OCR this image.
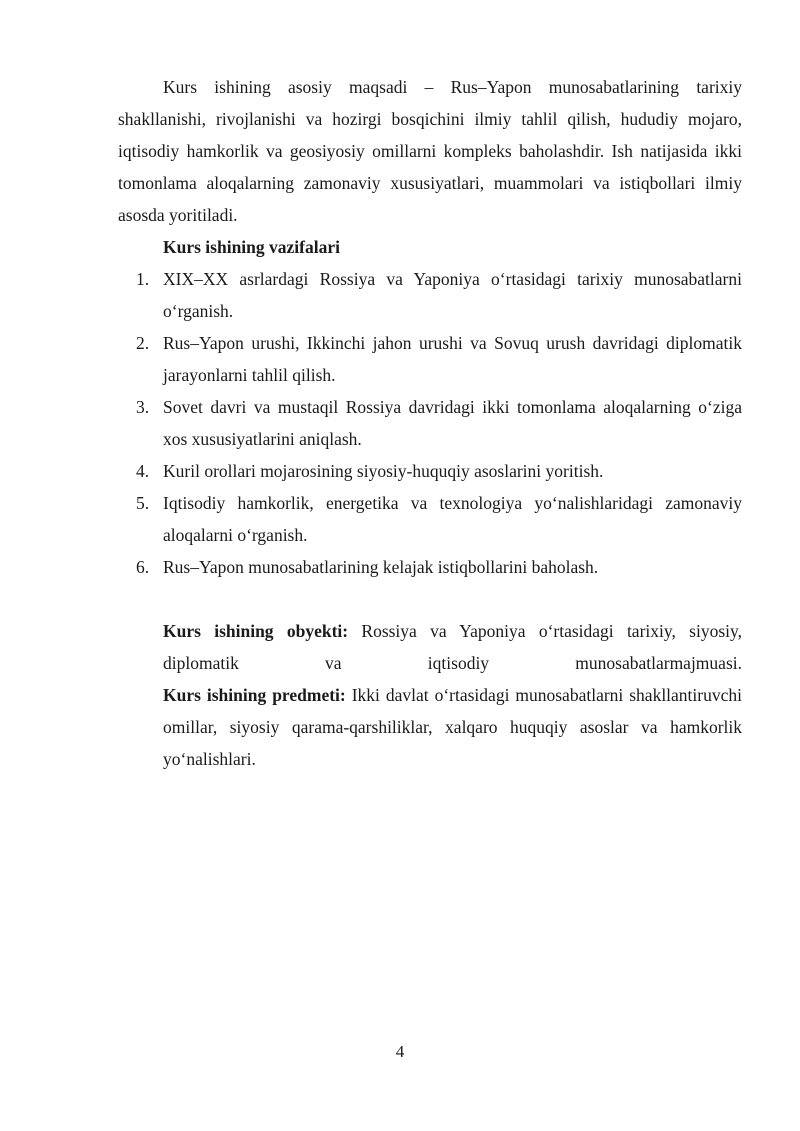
Kurs ishining asosiy maqsadi – Rus–Yapon munosabatlarining tarixiy shakllanishi, rivojlanishi va hozirgi bosqichini ilmiy tahlil qilish, hududiy mojaro, iqtisodiy hamkorlik va geosiyosiy omillarni kompleks baholashdir. Ish natijasida ikki tomonlama aloqalarning zamonaviy xususiyatlari, muammolari va istiqbollari ilmiy asosda yoritiladi.

Kurs ishining vazifalari

1. XIX–XX asrlardagi Rossiya va Yaponiya oʻrtasidagi tarixiy munosabatlarni oʻrganish.
2. Rus–Yapon urushi, Ikkinchi jahon urushi va Sovuq urush davridagi diplomatik jarayonlarni tahlil qilish.
3. Sovet davri va mustaqil Rossiya davridagi ikki tomonlama aloqalarning oʻziga xos xususiyatlarini aniqlash.
4. Kuril orollari mojarosining siyosiy-huquqiy asoslarini yoritish.
5. Iqtisodiy hamkorlik, energetika va texnologiya yoʻnalishlaridagi zamonaviy aloqalarni oʻrganish.
6. Rus–Yapon munosabatlarining kelajak istiqbollarini baholash.

Kurs ishining obyekti: Rossiya va Yaponiya oʻrtasidagi tarixiy, siyosiy, diplomatik va iqtisodiy munosabatlarmajmuasi.

Kurs ishining predmeti: Ikki davlat oʻrtasidagi munosabatlarni shakllantiruvchi omillar, siyosiy qarama-qarshiliklar, xalqaro huquqiy asoslar va hamkorlik yoʻnalishlari.

4
